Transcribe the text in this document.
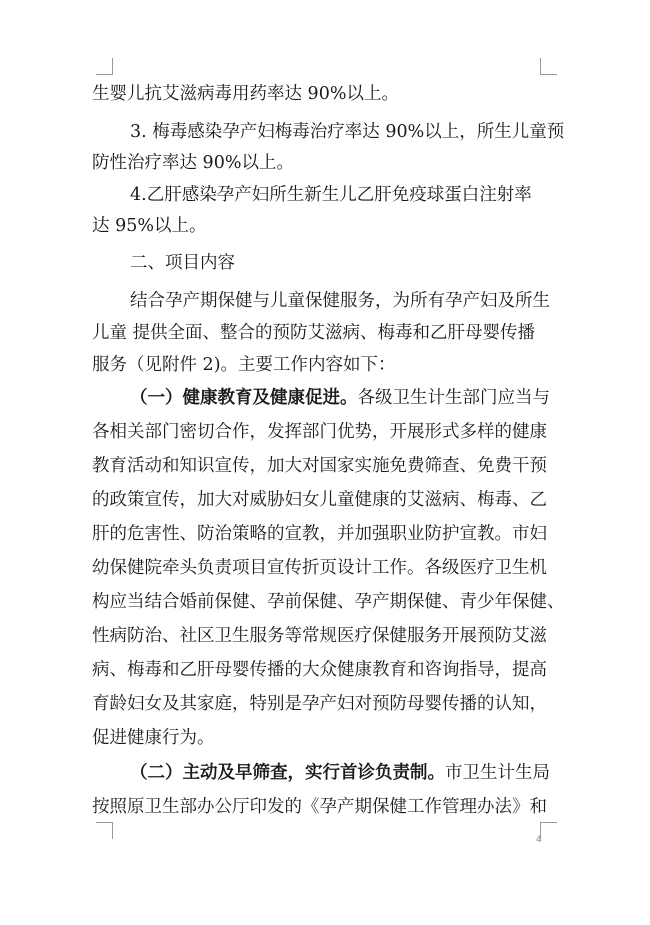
生婴儿抗艾滋病毒用药率达 90%以上。
3. 梅毒感染孕产妇梅毒治疗率达 90%以上，所生儿童预
防性治疗率达 90%以上。
4.乙肝感染孕产妇所生新生儿乙肝免疫球蛋白注射率
达 95%以上。
二、项目内容
结合孕产期保健与儿童保健服务，为所有孕产妇及所生
儿童 提供全面、整合的预防艾滋病、梅毒和乙肝母婴传播
服务（见附件 2)。主要工作内容如下：
（一）健康教育及健康促进。各级卫生计生部门应当与
各相关部门密切合作，发挥部门优势，开展形式多样的健康
教育活动和知识宣传，加大对国家实施免费筛查、免费干预
的政策宣传，加大对威胁妇女儿童健康的艾滋病、梅毒、乙
肝的危害性、防治策略的宣教，并加强职业防护宣教。市妇
幼保健院牵头负责项目宣传折页设计工作。各级医疗卫生机
构应当结合婚前保健、孕前保健、孕产期保健、青少年保健、
性病防治、社区卫生服务等常规医疗保健服务开展预防艾滋
病、梅毒和乙肝母婴传播的大众健康教育和咨询指导，提高
育龄妇女及其家庭，特别是孕产妇对预防母婴传播的认知，
促进健康行为。
（二）主动及早筛查，实行首诊负责制。市卫生计生局
按照原卫生部办公厅印发的《孕产期保健工作管理办法》和
4
